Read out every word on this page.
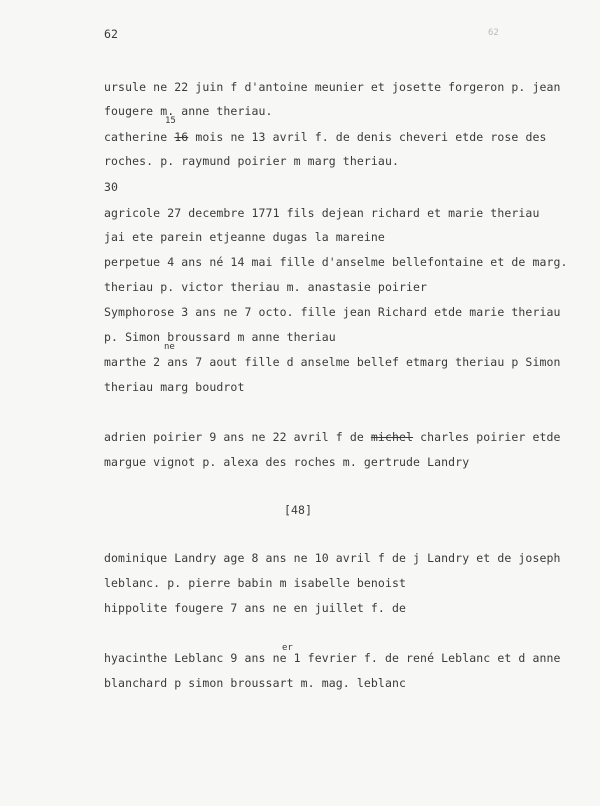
62	62
ursule ne 22 juin f d'antoine meunier et josette forgeron p. jean
fougere m. anne theriau.
15
catherine 16 mois ne 13 avril f. de denis cheveri etde rose des
roches. p. raymund poirier m marg theriau.
30
agricole 27 decembre 1771 fils dejean richard et marie theriau
jai ete parein etjeanne dugas la mareine
perpetue 4 ans né 14 mai fille d'anselme bellefontaine et de marg.
theriau p. victor theriau m. anastasie poirier
Symphorose 3 ans ne 7 octo. fille jean Richard etde marie theriau
p. Simon broussard m anne theriau
ne
marthe 2 ans 7 aout fille d anselme bellef etmarg theriau p Simon
theriau marg boudrot
adrien poirier 9 ans ne 22 avril f de michel charles poirier etde
margue vignot p. alexa des roches m. gertrude Landry
[48]
dominique Landry age 8 ans ne 10 avril f de j Landry et de joseph
leblanc. p. pierre babin m isabelle benoist
hippolite fougere 7 ans ne en juillet f. de
er
hyacinthe Leblanc 9 ans ne 1 fevrier f. de rené Leblanc et d anne
blanchard p simon broussart m. mag. leblanc
